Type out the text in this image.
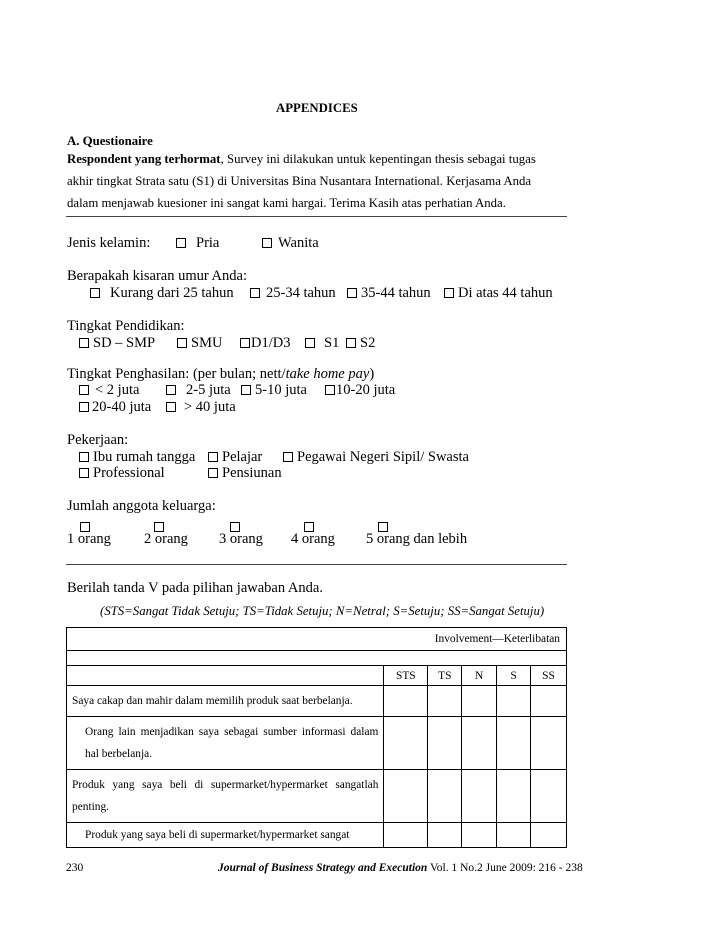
APPENDICES
A. Questionaire
Respondent yang terhormat, Survey ini dilakukan untuk kepentingan thesis sebagai tugas
akhir tingkat Strata satu (S1) di Universitas Bina Nusantara International. Kerjasama Anda
dalam menjawab kuesioner ini sangat kami hargai. Terima Kasih atas perhatian Anda.
Jenis kelamin:	Pria	Wanita
Berapakah kisaran umur Anda:
Kurang dari 25 tahun	25-34 tahun	35-44 tahun	Di atas 44 tahun
Tingkat Pendidikan:
SD – SMP	SMU	D1/D3	S1	S2
Tingkat Penghasilan: (per bulan; nett/take home pay)
< 2 juta	2-5 juta	5-10 juta	10-20 juta
20-40 juta	> 40 juta
Pekerjaan:
Ibu rumah tangga	Pelajar	Pegawai Negeri Sipil/ Swasta
Professional	Pensiunan
Jumlah anggota keluarga:
1 orang 2 orang 3 orang 4 orang 5 orang dan lebih
Berilah tanda V pada pilihan jawaban Anda.
(STS=Sangat Tidak Setuju; TS=Tidak Setuju; N=Netral; S=Setuju; SS=Sangat Setuju)
Involvement—Keterlibatan					

	STS	TS	N	S	SS
Saya cakap dan mahir dalam memilih produk saat berbelanja.					
Orang lain menjadikan saya sebagai sumber informasi dalam hal berbelanja.					
Produk yang saya beli di supermarket/hypermarket sangatlah penting.					
Produk yang saya beli di supermarket/hypermarket sangat					
230	Journal of Business Strategy and Execution Vol. 1 No.2 June 2009: 216 - 238
